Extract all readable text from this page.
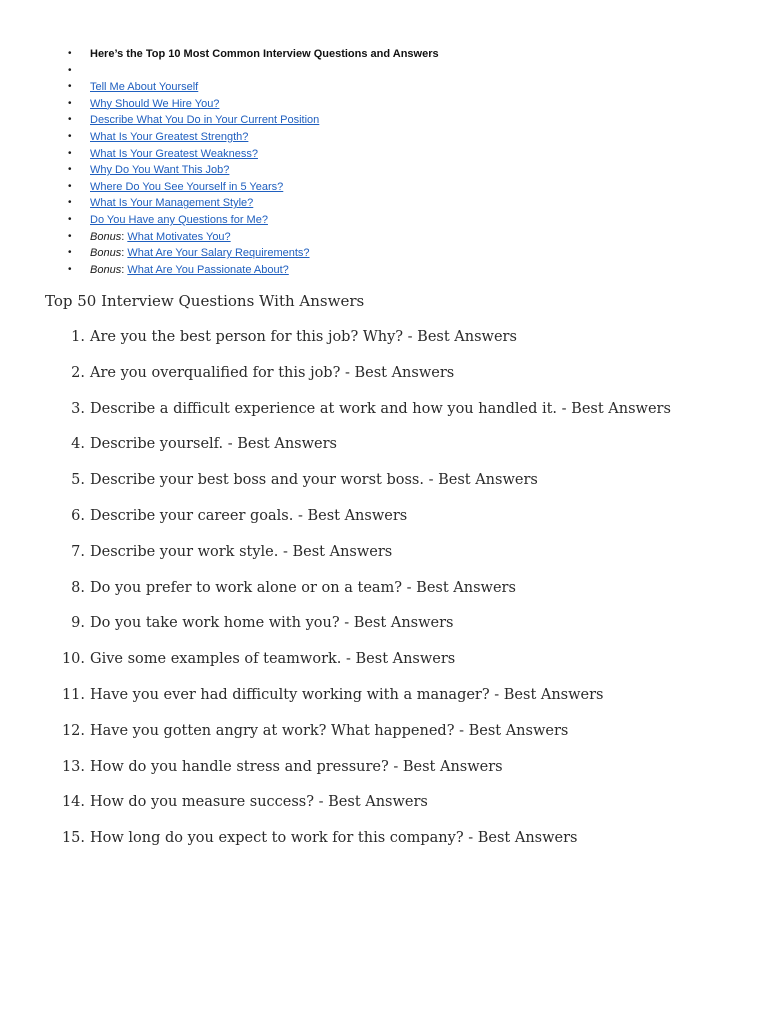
• Here’s the Top 10 Most Common Interview Questions and Answers
•
• Tell Me About Yourself
• Why Should We Hire You?
• Describe What You Do in Your Current Position
• What Is Your Greatest Strength?
• What Is Your Greatest Weakness?
• Why Do You Want This Job?
• Where Do You See Yourself in 5 Years?
• What Is Your Management Style?
• Do You Have any Questions for Me?
• Bonus: What Motivates You?
• Bonus: What Are Your Salary Requirements?
• Bonus: What Are You Passionate About?
Top 50 Interview Questions With Answers
1. Are you the best person for this job? Why? - Best Answers
2. Are you overqualified for this job? - Best Answers
3. Describe a difficult experience at work and how you handled it. - Best Answers
4. Describe yourself. - Best Answers
5. Describe your best boss and your worst boss. - Best Answers
6. Describe your career goals. - Best Answers
7. Describe your work style. - Best Answers
8. Do you prefer to work alone or on a team? - Best Answers
9. Do you take work home with you? - Best Answers
10. Give some examples of teamwork. - Best Answers
11. Have you ever had difficulty working with a manager? - Best Answers
12. Have you gotten angry at work? What happened? - Best Answers
13. How do you handle stress and pressure? - Best Answers
14. How do you measure success? - Best Answers
15. How long do you expect to work for this company? - Best Answers
